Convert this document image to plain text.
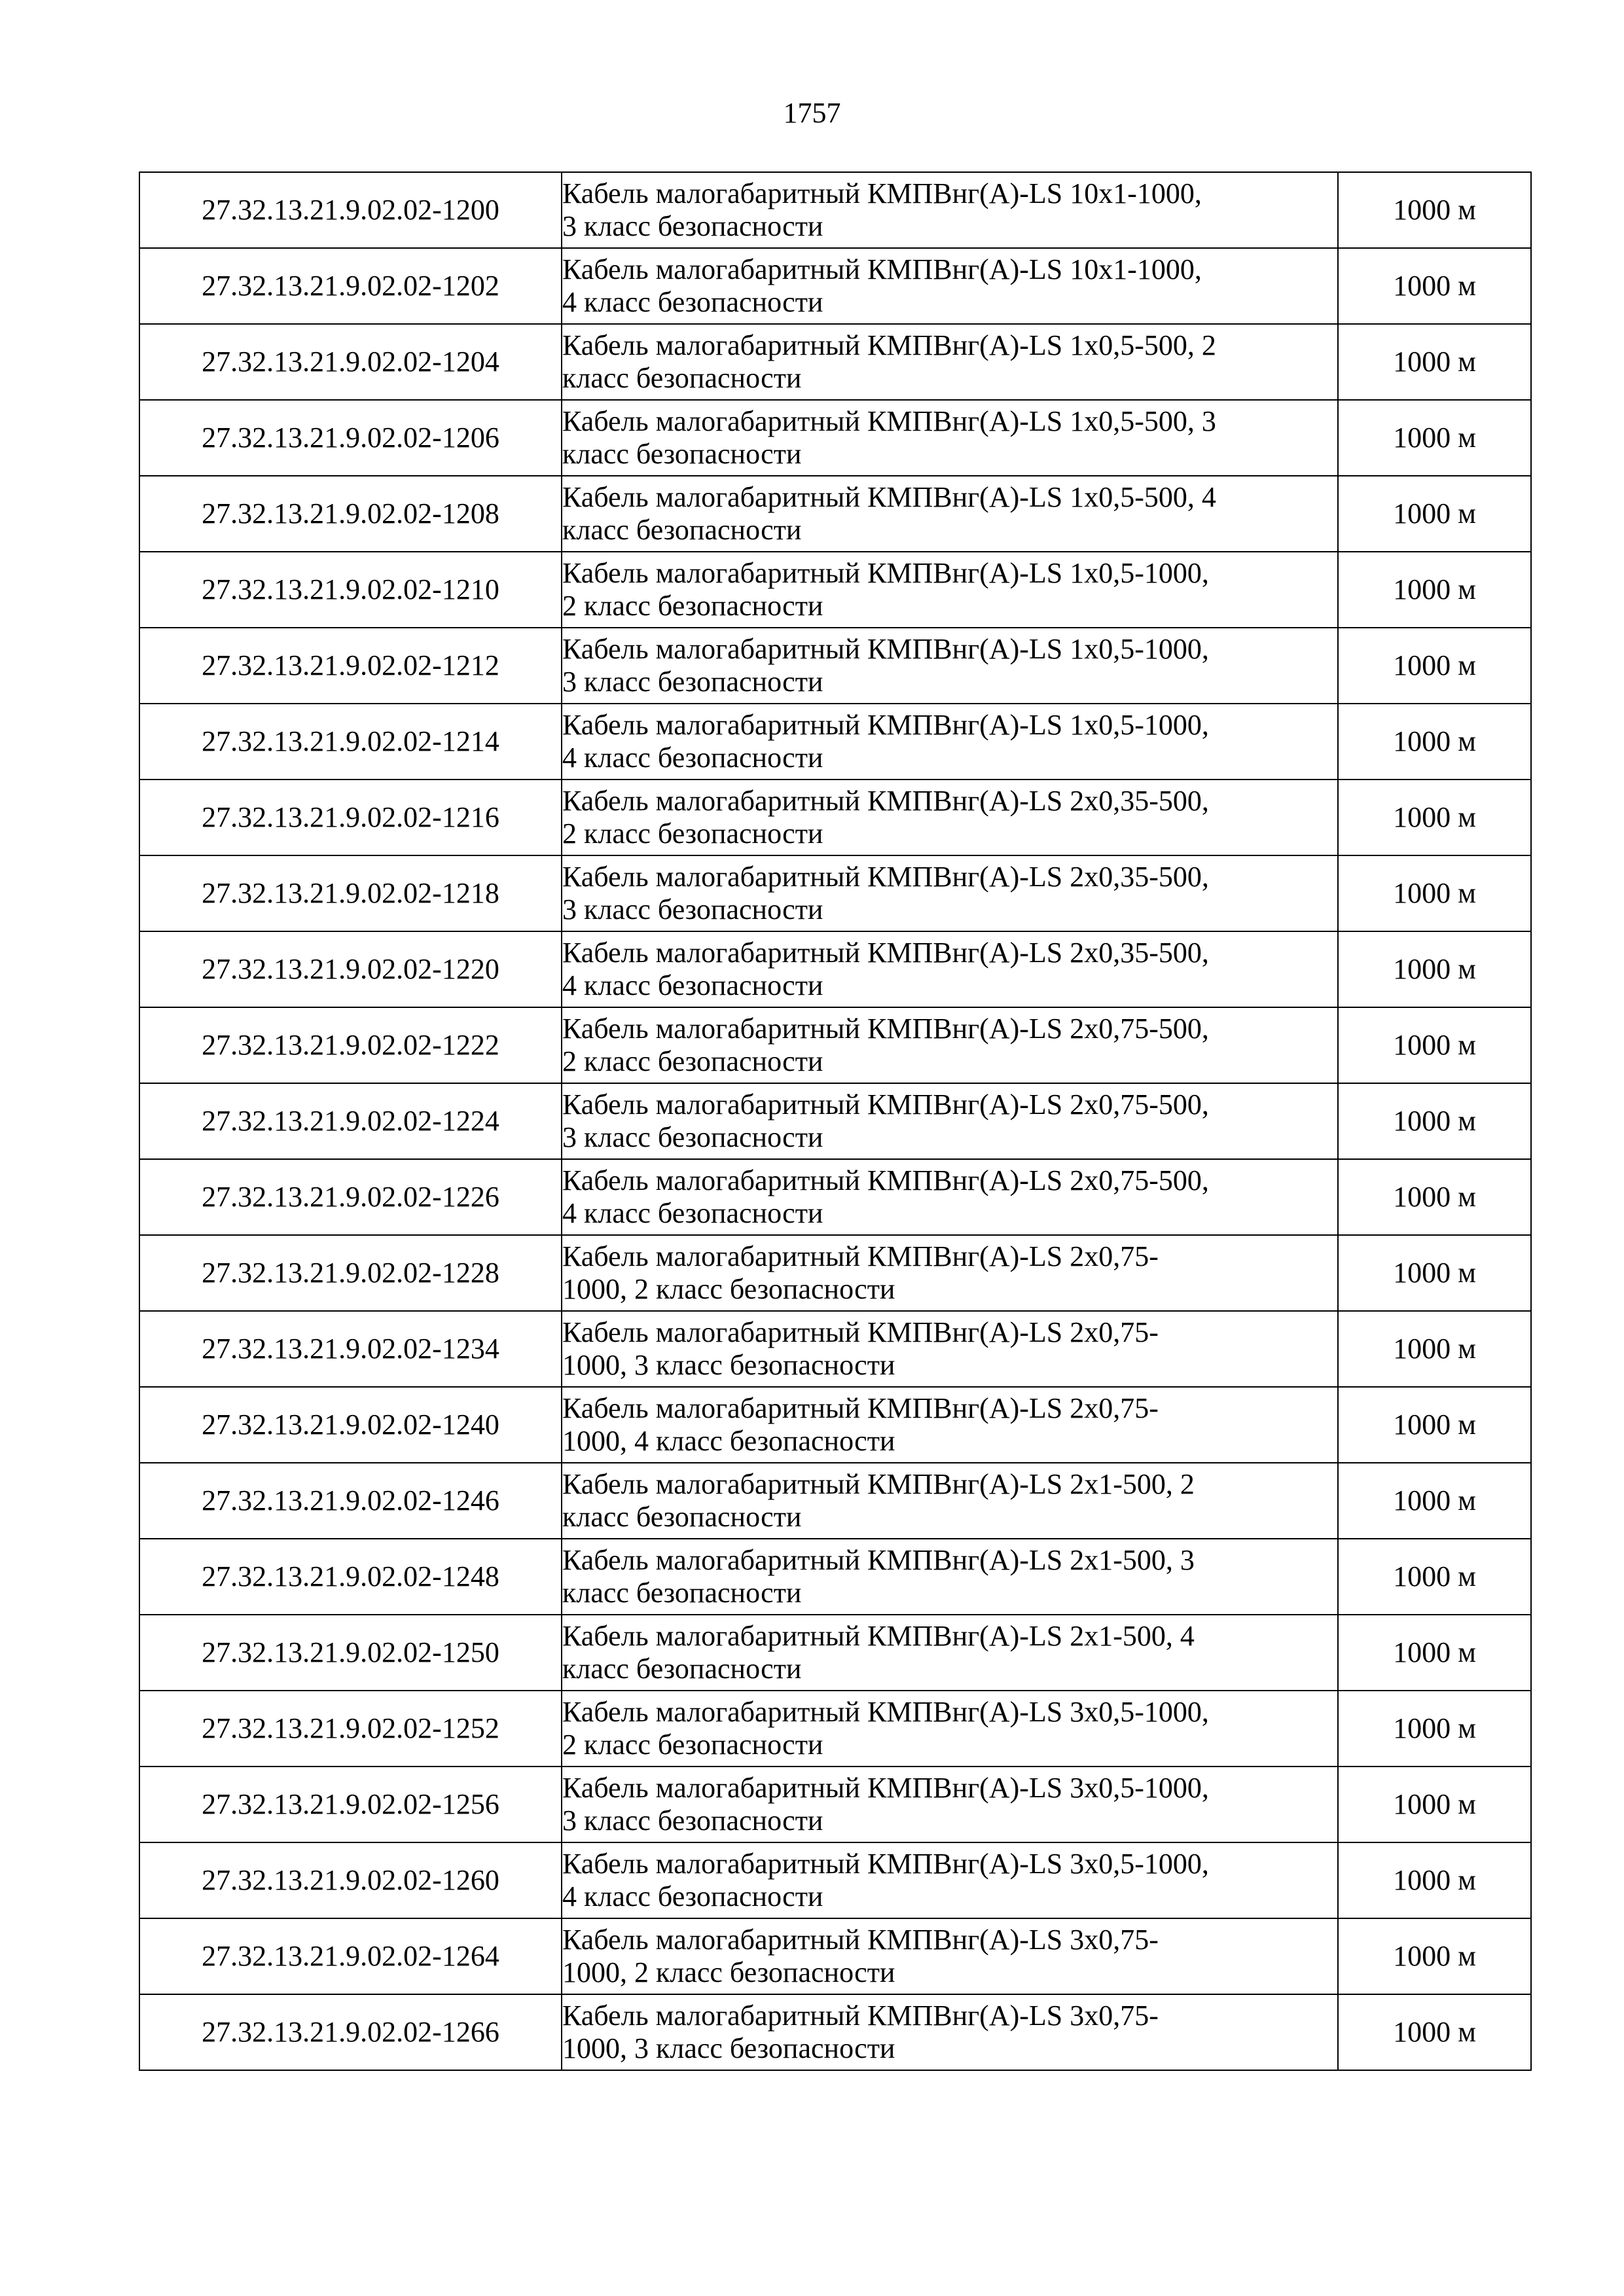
1757
27.32.13.21.9.02.02-1200	Кабель малогабаритный КМПВнг(А)-LS 10х1-1000,
3 класс безопасности	1000 м
27.32.13.21.9.02.02-1202	Кабель малогабаритный КМПВнг(А)-LS 10х1-1000,
4 класс безопасности	1000 м
27.32.13.21.9.02.02-1204	Кабель малогабаритный КМПВнг(А)-LS 1х0,5-500, 2
класс безопасности	1000 м
27.32.13.21.9.02.02-1206	Кабель малогабаритный КМПВнг(А)-LS 1х0,5-500, 3
класс безопасности	1000 м
27.32.13.21.9.02.02-1208	Кабель малогабаритный КМПВнг(А)-LS 1х0,5-500, 4
класс безопасности	1000 м
27.32.13.21.9.02.02-1210	Кабель малогабаритный КМПВнг(А)-LS 1х0,5-1000,
2 класс безопасности	1000 м
27.32.13.21.9.02.02-1212	Кабель малогабаритный КМПВнг(А)-LS 1х0,5-1000,
3 класс безопасности	1000 м
27.32.13.21.9.02.02-1214	Кабель малогабаритный КМПВнг(А)-LS 1х0,5-1000,
4 класс безопасности	1000 м
27.32.13.21.9.02.02-1216	Кабель малогабаритный КМПВнг(А)-LS 2х0,35-500,
2 класс безопасности	1000 м
27.32.13.21.9.02.02-1218	Кабель малогабаритный КМПВнг(А)-LS 2х0,35-500,
3 класс безопасности	1000 м
27.32.13.21.9.02.02-1220	Кабель малогабаритный КМПВнг(А)-LS 2х0,35-500,
4 класс безопасности	1000 м
27.32.13.21.9.02.02-1222	Кабель малогабаритный КМПВнг(А)-LS 2х0,75-500,
2 класс безопасности	1000 м
27.32.13.21.9.02.02-1224	Кабель малогабаритный КМПВнг(А)-LS 2х0,75-500,
3 класс безопасности	1000 м
27.32.13.21.9.02.02-1226	Кабель малогабаритный КМПВнг(А)-LS 2х0,75-500,
4 класс безопасности	1000 м
27.32.13.21.9.02.02-1228	Кабель малогабаритный КМПВнг(А)-LS 2х0,75-
1000, 2 класс безопасности	1000 м
27.32.13.21.9.02.02-1234	Кабель малогабаритный КМПВнг(А)-LS 2х0,75-
1000, 3 класс безопасности	1000 м
27.32.13.21.9.02.02-1240	Кабель малогабаритный КМПВнг(А)-LS 2х0,75-
1000, 4 класс безопасности	1000 м
27.32.13.21.9.02.02-1246	Кабель малогабаритный КМПВнг(А)-LS 2х1-500, 2
класс безопасности	1000 м
27.32.13.21.9.02.02-1248	Кабель малогабаритный КМПВнг(А)-LS 2х1-500, 3
класс безопасности	1000 м
27.32.13.21.9.02.02-1250	Кабель малогабаритный КМПВнг(А)-LS 2х1-500, 4
класс безопасности	1000 м
27.32.13.21.9.02.02-1252	Кабель малогабаритный КМПВнг(А)-LS 3х0,5-1000,
2 класс безопасности	1000 м
27.32.13.21.9.02.02-1256	Кабель малогабаритный КМПВнг(А)-LS 3х0,5-1000,
3 класс безопасности	1000 м
27.32.13.21.9.02.02-1260	Кабель малогабаритный КМПВнг(А)-LS 3х0,5-1000,
4 класс безопасности	1000 м
27.32.13.21.9.02.02-1264	Кабель малогабаритный КМПВнг(А)-LS 3х0,75-
1000, 2 класс безопасности	1000 м
27.32.13.21.9.02.02-1266	Кабель малогабаритный КМПВнг(А)-LS 3х0,75-
1000, 3 класс безопасности	1000 м
